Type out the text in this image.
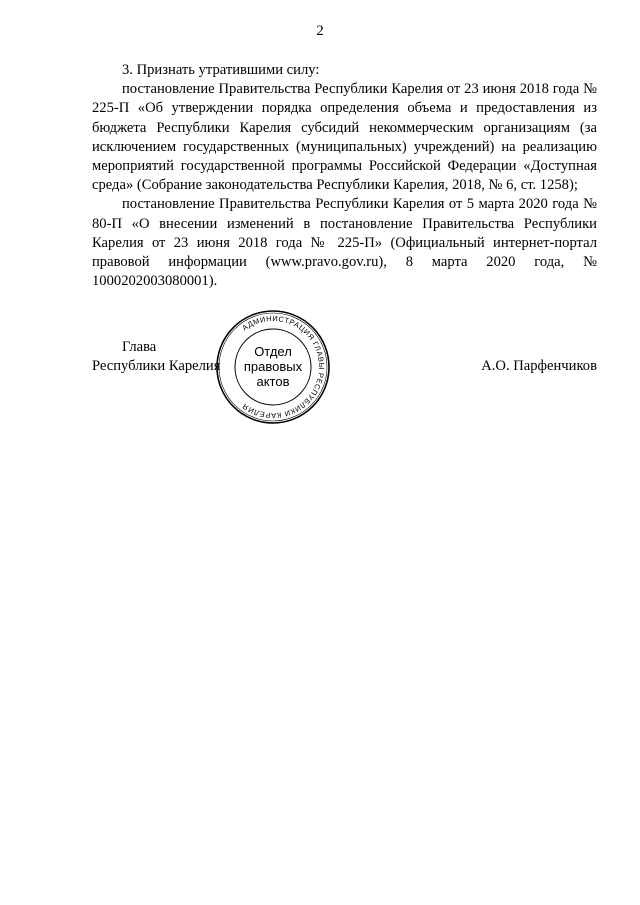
2

3. Признать утратившими силу:

постановление Правительства Республики Карелия от 23 июня 2018 года № 225-П «Об утверждении порядка определения объема и предоставления из бюджета Республики Карелия субсидий некоммерческим организациям (за исключением государственных (муниципальных) учреждений) на реализацию мероприятий государственной программы Российской Федерации «Доступная среда» (Собрание законодательства Республики Карелия, 2018, № 6, ст. 1258);

постановление Правительства Республики Карелия от 5 марта 2020 года № 80-П «О внесении изменений в постановление Правительства Республики Карелия от 23 июня 2018 года № 225-П» (Официальный интернет-портал правовой информации (www.pravo.gov.ru), 8 марта 2020 года, № 1000202003080001).

Глава
Республики Карелия	А.О. Парфенчиков
АДМИНИСТРАЦИЯ ГЛАВЫ РЕСПУБЛИКИ КАРЕЛИЯ
Отдел
правовых
актов
